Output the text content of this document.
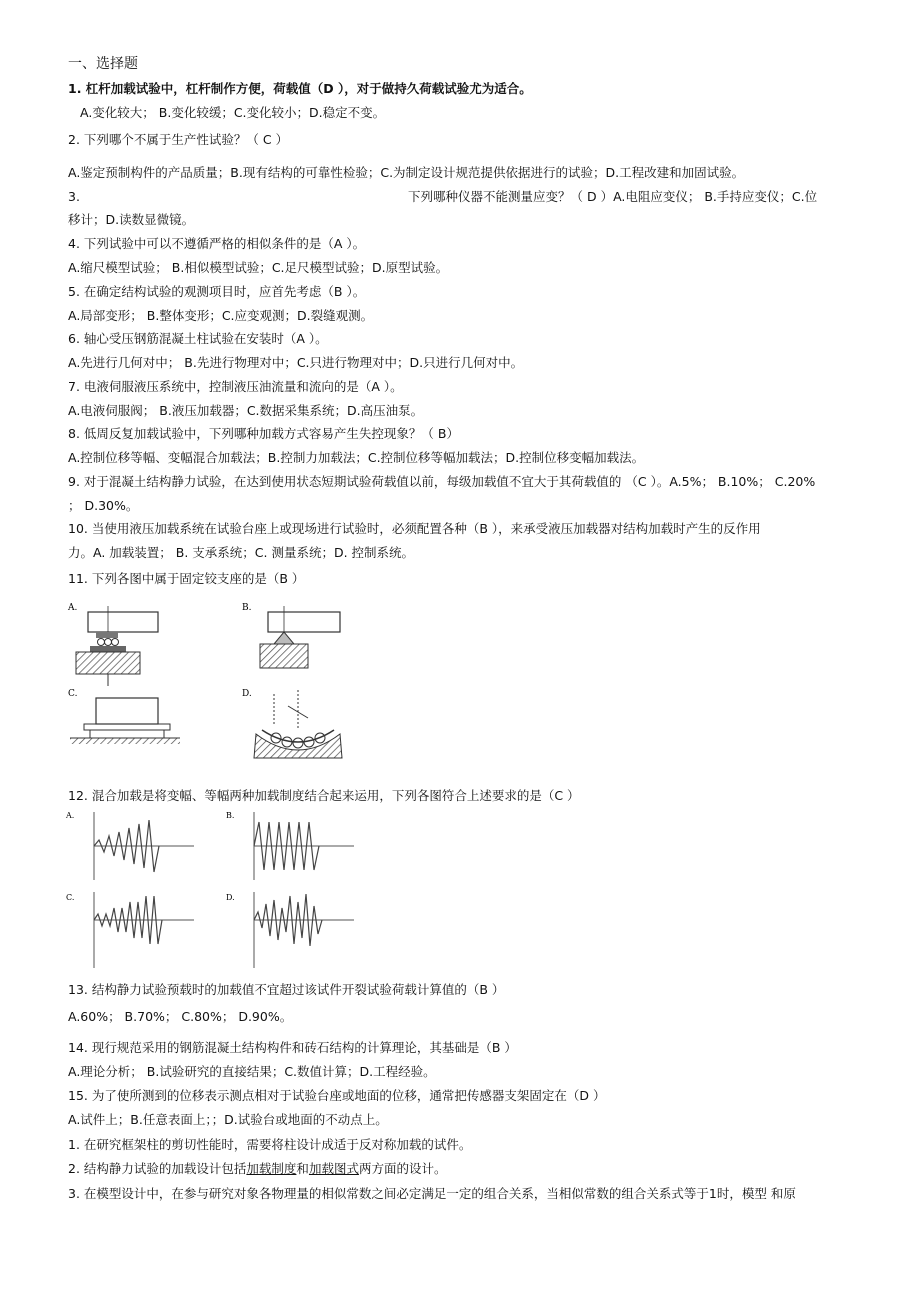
一、选择题
1. 杠杆加载试验中，杠杆制作方便，荷载值（D ），对于做持久荷载试验尤为适合。
A.变化较大； B.变化较缓；C.变化较小；D.稳定不变。
2. 下列哪个不属于生产性试验？（ C ）
A.鉴定预制构件的产品质量；B.现有结构的可靠性检验；C.为制定设计规范提供依据进行的试验；D.工程改建和加固试验。
3.	下列哪种仪器不能测量应变？（ D ）A.电阻应变仪； B.手持应变仪；C.位
移计；D.读数显微镜。
4. 下列试验中可以不遵循严格的相似条件的是（A ）。
A.缩尺模型试验； B.相似模型试验；C.足尺模型试验；D.原型试验。
5. 在确定结构试验的观测项目时，应首先考虑（B ）。
A.局部变形； B.整体变形；C.应变观测；D.裂缝观测。
6. 轴心受压钢筋混凝土柱试验在安装时（A ）。
A.先进行几何对中； B.先进行物理对中；C.只进行物理对中；D.只进行几何对中。
7. 电液伺服液压系统中，控制液压油流量和流向的是（A ）。
A.电液伺服阀； B.液压加载器；C.数据采集系统；D.高压油泵。
8. 低周反复加载试验中，下列哪种加载方式容易产生失控现象？（ B）
A.控制位移等幅、变幅混合加载法；B.控制力加载法；C.控制位移等幅加载法；D.控制位移变幅加载法。
9. 对于混凝土结构静力试验，在达到使用状态短期试验荷载值以前，每级加载值不宜大于其荷载值的 （C ）。A.5%； B.10%； C.20%
； D.30%。
10. 当使用液压加载系统在试验台座上或现场进行试验时，必须配置各种（B ），来承受液压加载器对结构加载时产生的反作用
力。A. 加载装置； B. 支承系统；C. 测量系统；D. 控制系统。
11. 下列各图中属于固定铰支座的是（B ）
A.	B.
C.	D.
12. 混合加载是将变幅、等幅两种加载制度结合起来运用，下列各图符合上述要求的是（C ）
A.	B.
C.	D.
13. 结构静力试验预载时的加载值不宜超过该试件开裂试验荷载计算值的（B ）
A.60%； B.70%； C.80%； D.90%。
14. 现行规范采用的钢筋混凝土结构构件和砖石结构的计算理论，其基础是（B ）
A.理论分析； B.试验研究的直接结果；C.数值计算；D.工程经验。
15. 为了使所测到的位移表示测点相对于试验台座或地面的位移，通常把传感器支架固定在（D ）
A.试件上；B.任意表面上；；D.试验台或地面的不动点上。
1. 在研究框架柱的剪切性能时，需要将柱设计成适于反对称加载的试件。
2. 结构静力试验的加载设计包括加载制度和加载图式两方面的设计。
3. 在模型设计中，在参与研究对象各物理量的相似常数之间必定满足一定的组合关系，当相似常数的组合关系式等于1时，模型 和原
